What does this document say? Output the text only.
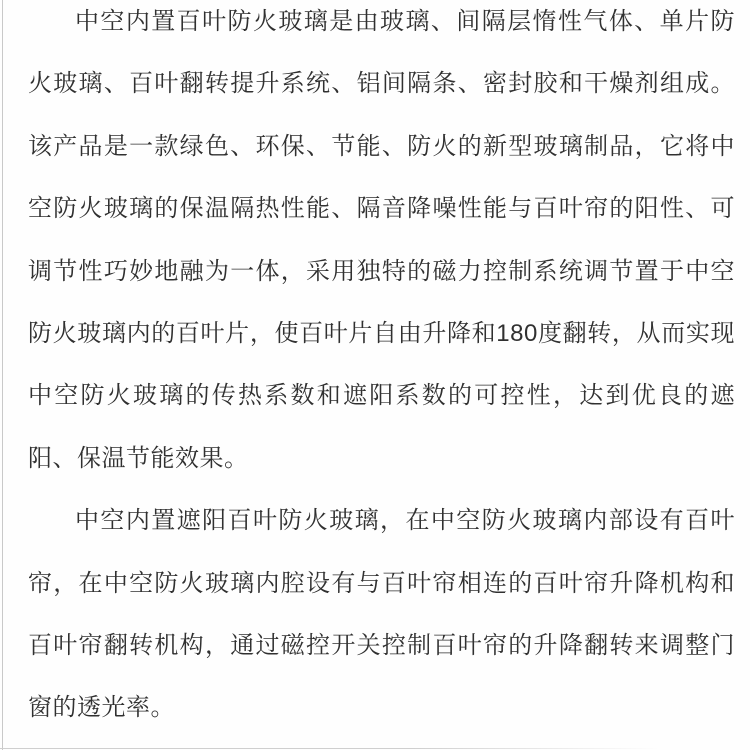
中空内置百叶防火玻璃是由玻璃、间隔层惰性气体、单片防
火玻璃、百叶翻转提升系统、铝间隔条、密封胶和干燥剂组成。
该产品是一款绿色、环保、节能、防火的新型玻璃制品，它将中
空防火玻璃的保温隔热性能、隔音降噪性能与百叶帘的阳性、可
调节性巧妙地融为一体，采用独特的磁力控制系统调节置于中空
防火玻璃内的百叶片，使百叶片自由升降和180度翻转，从而实现
中空防火玻璃的传热系数和遮阳系数的可控性，达到优良的遮
阳、保温节能效果。
中空内置遮阳百叶防火玻璃，在中空防火玻璃内部设有百叶
帘，在中空防火玻璃内腔设有与百叶帘相连的百叶帘升降机构和
百叶帘翻转机构，通过磁控开关控制百叶帘的升降翻转来调整门
窗的透光率。
